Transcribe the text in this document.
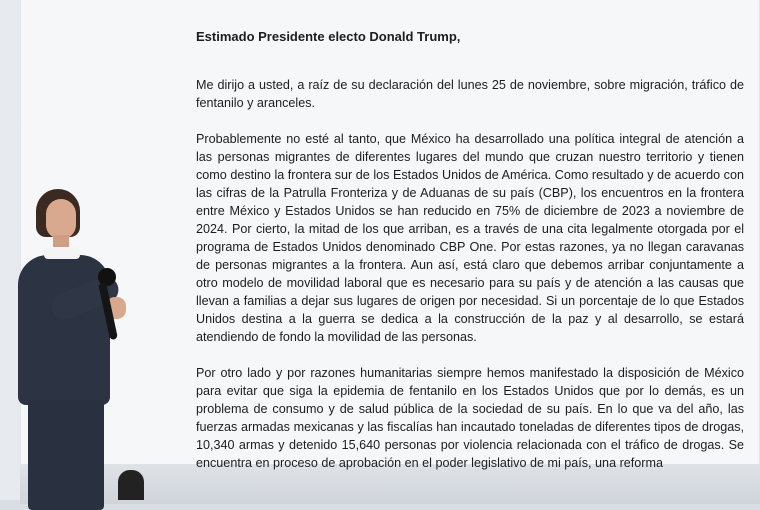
Estimado Presidente electo Donald Trump,

Me dirijo a usted, a raíz de su declaración del lunes 25 de noviembre, sobre migración, tráfico de fentanilo y aranceles.

Probablemente no esté al tanto, que México ha desarrollado una política integral de atención a las personas migrantes de diferentes lugares del mundo que cruzan nuestro territorio y tienen como destino la frontera sur de los Estados Unidos de América. Como resultado y de acuerdo con las cifras de la Patrulla Fronteriza y de Aduanas de su país (CBP), los encuentros en la frontera entre México y Estados Unidos se han reducido en 75% de diciembre de 2023 a noviembre de 2024. Por cierto, la mitad de los que arriban, es a través de una cita legalmente otorgada por el programa de Estados Unidos denominado CBP One. Por estas razones, ya no llegan caravanas de personas migrantes a la frontera. Aun así, está claro que debemos arribar conjuntamente a otro modelo de movilidad laboral que es necesario para su país y de atención a las causas que llevan a familias a dejar sus lugares de origen por necesidad. Si un porcentaje de lo que Estados Unidos destina a la guerra se dedica a la construcción de la paz y al desarrollo, se estará atendiendo de fondo la movilidad de las personas.

Por otro lado y por razones humanitarias siempre hemos manifestado la disposición de México para evitar que siga la epidemia de fentanilo en los Estados Unidos que por lo demás, es un problema de consumo y de salud pública de la sociedad de su país. En lo que va del año, las fuerzas armadas mexicanas y las fiscalías han incautado toneladas de diferentes tipos de drogas, 10,340 armas y detenido 15,640 personas por violencia relacionada con el tráfico de drogas. Se encuentra en proceso de aprobación en el poder legislativo de mi país, una reforma
